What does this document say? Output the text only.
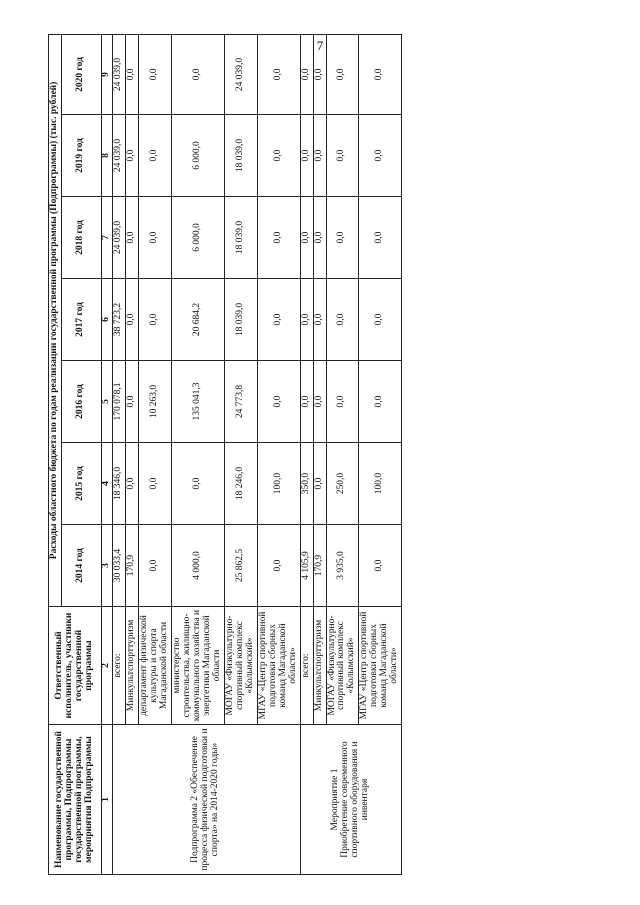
7
Наименование государственной программы, Подпрограммы государственной программы, мероприятия Подпрограммы	Ответственный исполнитель, участники государственной программы	Расходы областного бюджета по годам реализации государственной программы (Подпрограммы) (тыс. рублей)						
		2014 год	2015 год	2016 год	2017 год	2018 год	2019 год	2020 год
1	2	3	4	5	6	7	8	9
Подпрограмма 2 «Обеспечение процесса физической подготовки и спорта» на 2014-2020 годы»	всего:	30 033,4	18 346,0	170 078,1	38 723,2	24 039,0	24 039,0	24 039,0
	Минкультспорттуризм	170,9	0,0	0,0	0,0	0,0	0,0	0,0
	департамент физической культуры и спорта Магаданской области	0,0	0,0	10 263,0	0,0	0,0	0,0	0,0
	министерство строительства, жилищно-коммунального хозяйства и энергетики Магаданской области	4 000,0	0,0	135 041,3	20 684,2	6 000,0	6 000,0	0,0
	МОГАУ «Физкультурно-спортивный комплекс «Колымский»	25 862,5	18 246,0	24 773,8	18 039,0	18 039,0	18 039,0	24 039,0
	МГАУ «Центр спортивной подготовки сборных команд Магаданской области»	0,0	100,0	0,0	0,0	0,0	0,0	0,0

Мероприятие 1 Приобретение современного спортивного оборудования и инвентаря	всего:	4 105,9	350,0	0,0	0,0	0,0	0,0	0,0
	Минкультспорттуризм	170,9	0,0	0,0	0,0	0,0	0,0	0,0
	МОГАУ «Физкультурно-спортивный комплекс «Колымский»	3 935,0	250,0	0,0	0,0	0,0	0,0	0,0
	МГАУ «Центр спортивной подготовки сборных команд Магаданской области»	0,0	100,0	0,0	0,0	0,0	0,0	0,0
